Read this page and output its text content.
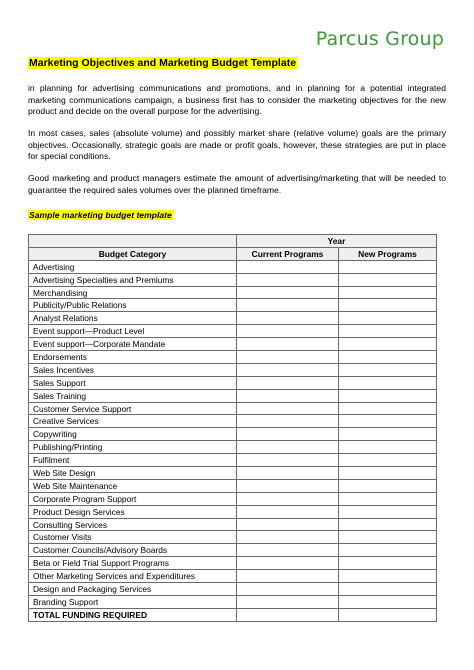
Parcus Group
Marketing Objectives and Marketing Budget Template
in planning for advertising communications and promotions, and in planning for a potential integrated marketing communications campaign, a business first has to consider the marketing objectives for the new product and decide on the overall purpose for the advertising.
In most cases, sales (absolute volume) and possibly market share (relative volume) goals are the primary objectives. Occasionally, strategic goals are made or profit goals, however, these strategies are put in place for special conditions.
Good marketing and product managers estimate the amount of advertising/marketing that will be needed to guarantee the required sales volumes over the planned timeframe.
Sample marketing budget template
	Year	
Budget Category	Current Programs	New Programs
Advertising		
Advertising Specialties and Premiums		
Merchandising		
Publicity/Public Relations		
Analyst Relations		
Event support—Product Level		
Event support—Corporate Mandate		
Endorsements		
Sales Incentives		
Sales Support		
Sales Training		
Customer Service Support		
Creative Services		
Copywriting		
Publishing/Printing		
Fulfilment		
Web Site Design		
Web Site Maintenance		
Corporate Program Support		
Product Design Services		
Consulting Services		
Customer Visits		
Customer Councils/Advisory Boards		
Beta or Field Trial Support Programs		
Other Marketing Services and Expenditures		
Design and Packaging Services		
Branding Support		
TOTAL FUNDING REQUIRED		
